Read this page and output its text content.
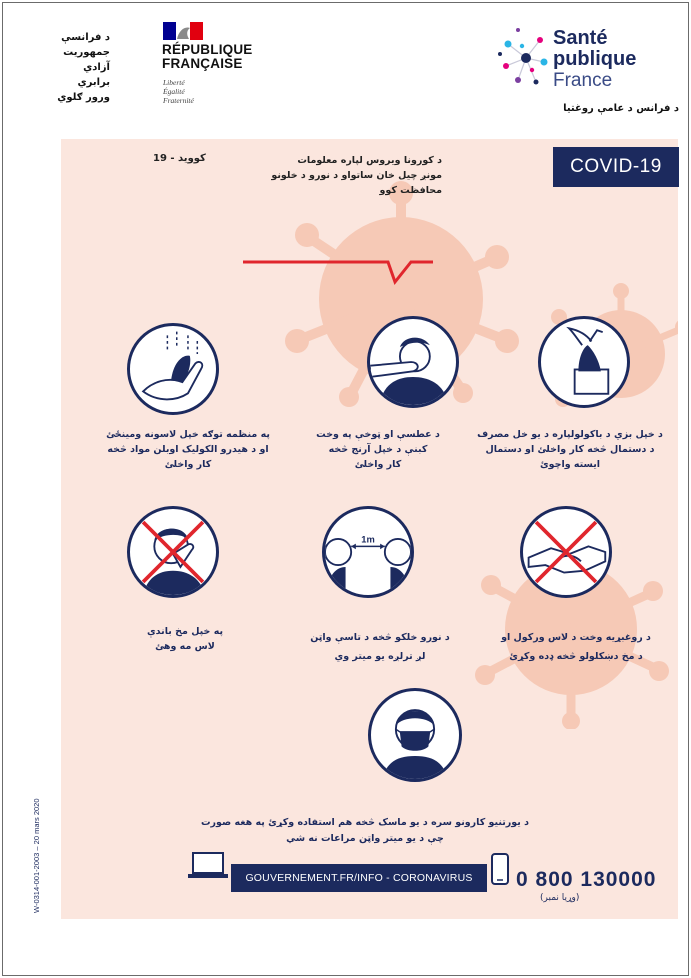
د فرانسې
جمهوریت
آزادي
برابري
ورور ګلوي
RÉPUBLIQUE
FRANÇAISE
Liberté
Égalité
Fraternité
Santé
publique
France
د فرانس د عامې روغتيا
COVID-19
د کورونا ویروس لپاره معلومات
مونږ چیل خان ساتواو د نورو د خلونو محافظت کوو
کووید - 19
د خپل بزي د باکولولپاره د یو خل مصرف
د دستمال څخه کار واخلئ او دستمال
ايسته واچوئ
د عطسې او ټوخې په وخت
کبنې د خپل آرنج څخه
کار واخلئ
په منظمه توګه خپل لاسونه ومینځئ
او د هیدرو الکولیک اوبلن مواد څخه
کار واخلئ
1m
د روغبړيه وخت د لاس ورکول او
د مخ دښکلولو څخه ډده وکړئ
د نورو خلکو څخه د تاسې واټن
لږ ترلږه یو میتر وي
په خپل مخ باندې
لاس مه وهئ
د یورتنیو کارونو سره د یو ماسک څخه هم استفاده وکړئ په هغه صورت
چې د یو میتر واټن مراعات نه شي
GOUVERNEMENT.FR/INFO - CORONAVIRUS	0 800 130000
(وړيا نمبر)
W-0314-001-2003 – 20 mars 2020
